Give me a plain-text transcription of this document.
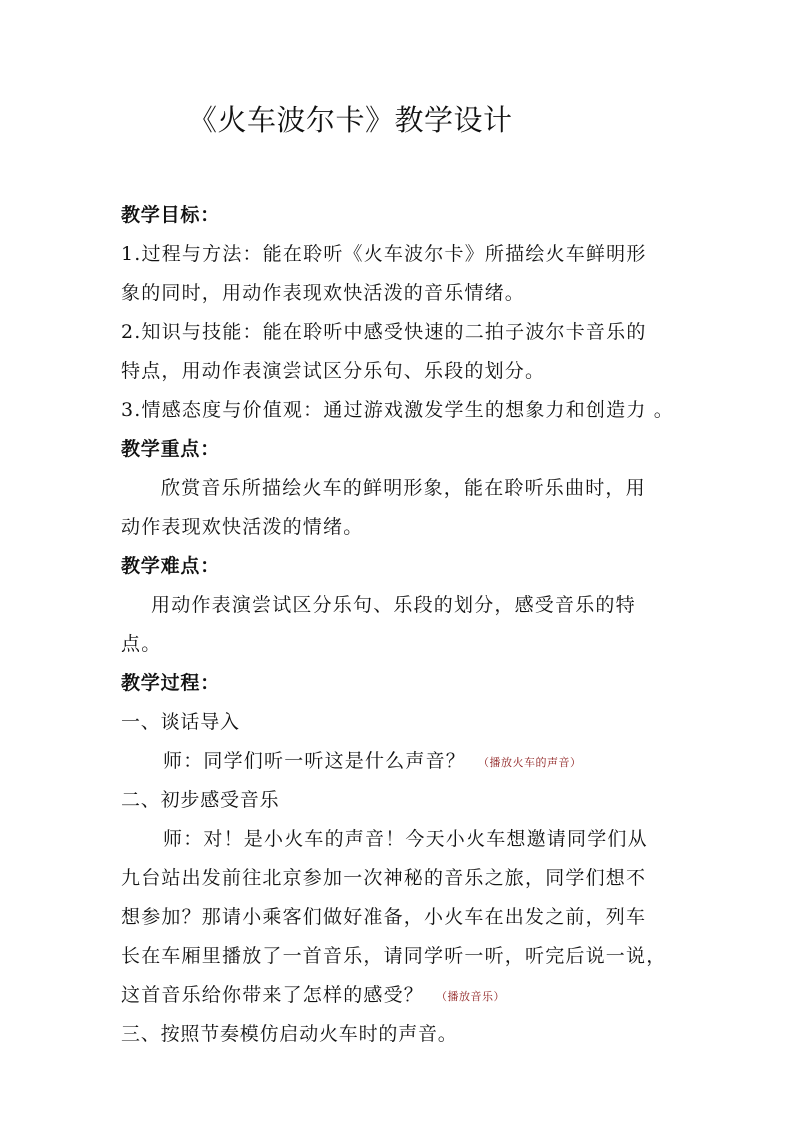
《火车波尔卡》教学设计
教学目标：
1.过程与方法：能在聆听《火车波尔卡》所描绘火车鲜明形
象的同时，用动作表现欢快活泼的音乐情绪。
2.知识与技能：能在聆听中感受快速的二拍子波尔卡音乐的
特点，用动作表演尝试区分乐句、乐段的划分。
3.情感态度与价值观：通过游戏激发学生的想象力和创造力 。
教学重点：
欣赏音乐所描绘火车的鲜明形象，能在聆听乐曲时，用
动作表现欢快活泼的情绪。
教学难点：
用动作表演尝试区分乐句、乐段的划分，感受音乐的特
点。
教学过程：
一、谈话导入
师：同学们听一听这是什么声音？ （播放火车的声音）
二、初步感受音乐
师：对！是小火车的声音！今天小火车想邀请同学们从
九台站出发前往北京参加一次神秘的音乐之旅，同学们想不
想参加？那请小乘客们做好准备，小火车在出发之前，列车
长在车厢里播放了一首音乐，请同学听一听，听完后说一说，
这首音乐给你带来了怎样的感受？ （播放音乐）
三、按照节奏模仿启动火车时的声音。
